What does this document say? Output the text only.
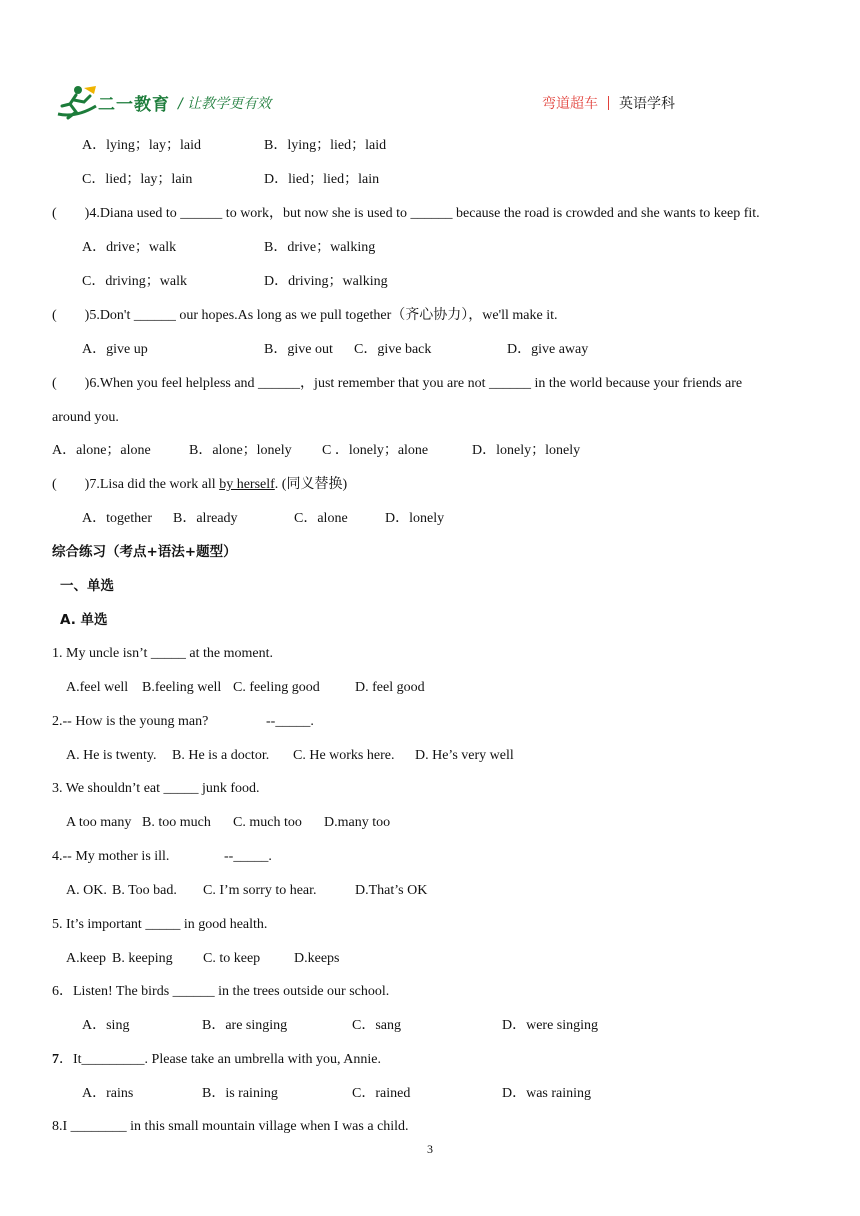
二一教育 / 让教学更有效	弯道超车 英语学科
A．lying；lay；laid	B．lying；lied；laid
C．lied；lay；lain	D．lied；lied；lain
(　　)4.Diana used to ______ to work，but now she is used to ______ because the road is crowded and she wants to keep fit.
A．drive；walk	B．drive；walking
C．driving；walk	D．driving；walking
(　　)5.Don't ______ our hopes.As long as we pull together（齐心协力），we'll make it.
A．give up	B．give out C．give back	D．give away
(　　)6.When you feel helpless and ______，just remember that you are not ______ in the world because your friends are
around you.
A．alone；alone	B．alone；lonely C ．lonely；alone	D．lonely；lonely
(　　)7.Lisa did the work all by herself. (同义替换)
A．together B．already	C．alone	D．lonely
综合练习（考点+语法+题型）
一、单选
A. 单选
1. My uncle isn’t _____ at the moment.
A.feel well B.feeling well C. feeling good	D. feel good
2.-- How is the young man?	--_____.
A. He is twenty. B. He is a doctor. C. He works here. D. He’s very well
3. We shouldn’t eat _____ junk food.
A too many B. too much C. much too D.many too
4.-- My mother is ill.	--_____.
A. OK. B. Too bad. C. I’m sorry to hear.	D.That’s OK
5. It’s important _____ in good health.
A.keep B. keeping C. to keep D.keeps
6．Listen! The birds ______ in the trees outside our school.
A．sing	B．are singing	C．sang	D．were singing
7．It_________. Please take an umbrella with you, Annie.
A．rains	B．is raining	C．rained	D．was raining
8.I ________ in this small mountain village when I was a child.
3
